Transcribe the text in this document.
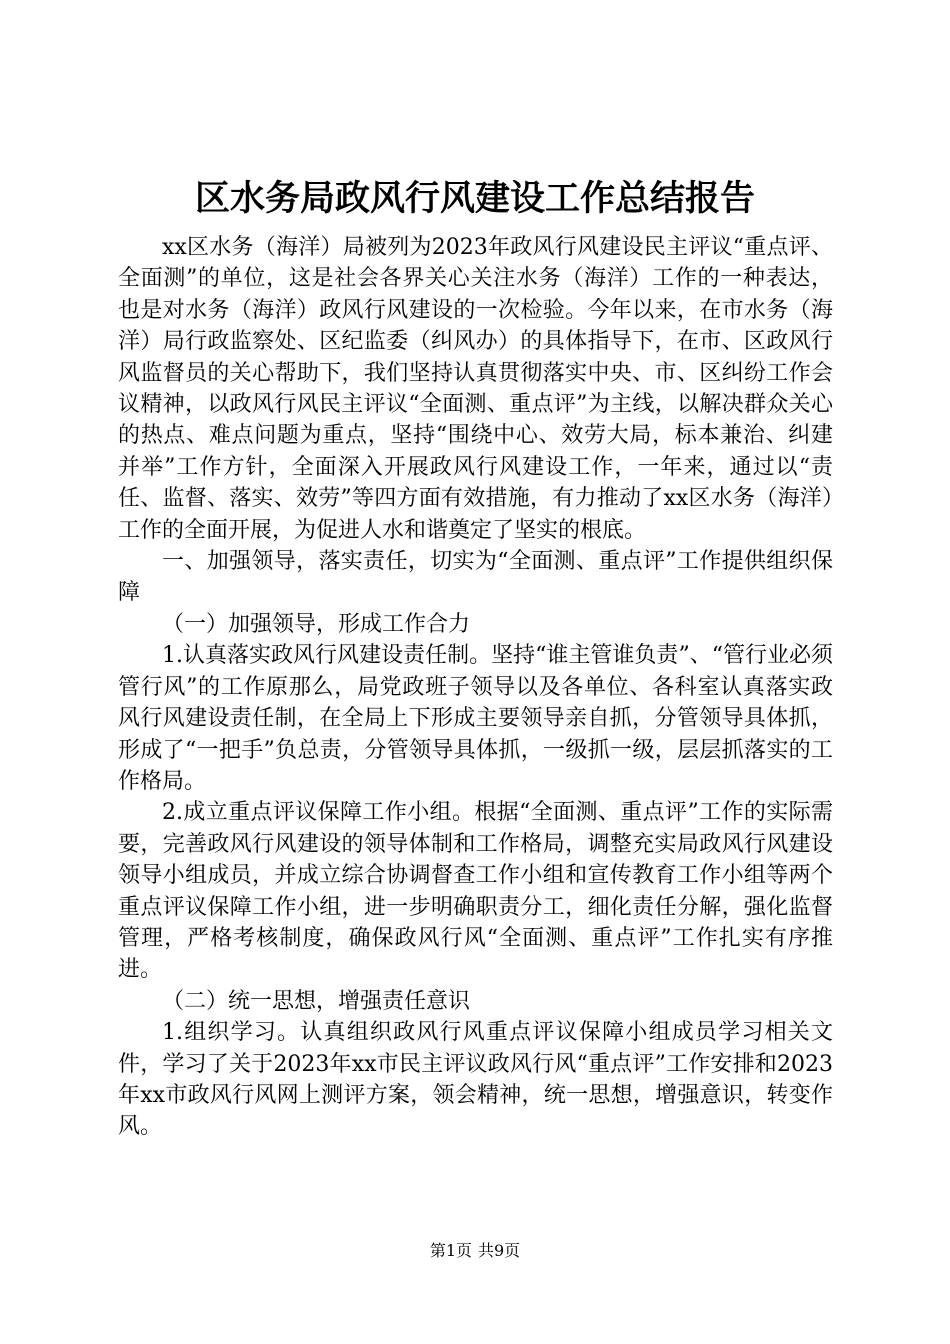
区水务局政风行风建设工作总结报告

xx区水务（海洋）局被列为2023年政风行风建设民主评议“重点评、全面测”的单位，这是社会各界关心关注水务（海洋）工作的一种表达，也是对水务（海洋）政风行风建设的一次检验。今年以来，在市水务（海洋）局行政监察处、区纪监委（纠风办）的具体指导下，在市、区政风行风监督员的关心帮助下，我们坚持认真贯彻落实中央、市、区纠纷工作会议精神，以政风行风民主评议“全面测、重点评”为主线，以解决群众关心的热点、难点问题为重点，坚持“围绕中心、效劳大局，标本兼治、纠建并举”工作方针，全面深入开展政风行风建设工作，一年来，通过以“责任、监督、落实、效劳”等四方面有效措施，有力推动了xx区水务（海洋）工作的全面开展，为促进人水和谐奠定了坚实的根底。

一、加强领导，落实责任，切实为“全面测、重点评”工作提供组织保障

（一）加强领导，形成工作合力

1.认真落实政风行风建设责任制。坚持“谁主管谁负责”、“管行业必须管行风”的工作原那么，局党政班子领导以及各单位、各科室认真落实政风行风建设责任制，在全局上下形成主要领导亲自抓，分管领导具体抓，形成了“一把手”负总责，分管领导具体抓，一级抓一级，层层抓落实的工作格局。

2.成立重点评议保障工作小组。根据“全面测、重点评”工作的实际需要，完善政风行风建设的领导体制和工作格局，调整充实局政风行风建设领导小组成员，并成立综合协调督查工作小组和宣传教育工作小组等两个重点评议保障工作小组，进一步明确职责分工，细化责任分解，强化监督管理，严格考核制度，确保政风行风“全面测、重点评”工作扎实有序推进。

（二）统一思想，增强责任意识

1.组织学习。认真组织政风行风重点评议保障小组成员学习相关文件，学习了关于2023年xx市民主评议政风行风“重点评”工作安排和2023年xx市政风行风网上测评方案，领会精神，统一思想，增强意识，转变作风。

第1页 共9页
